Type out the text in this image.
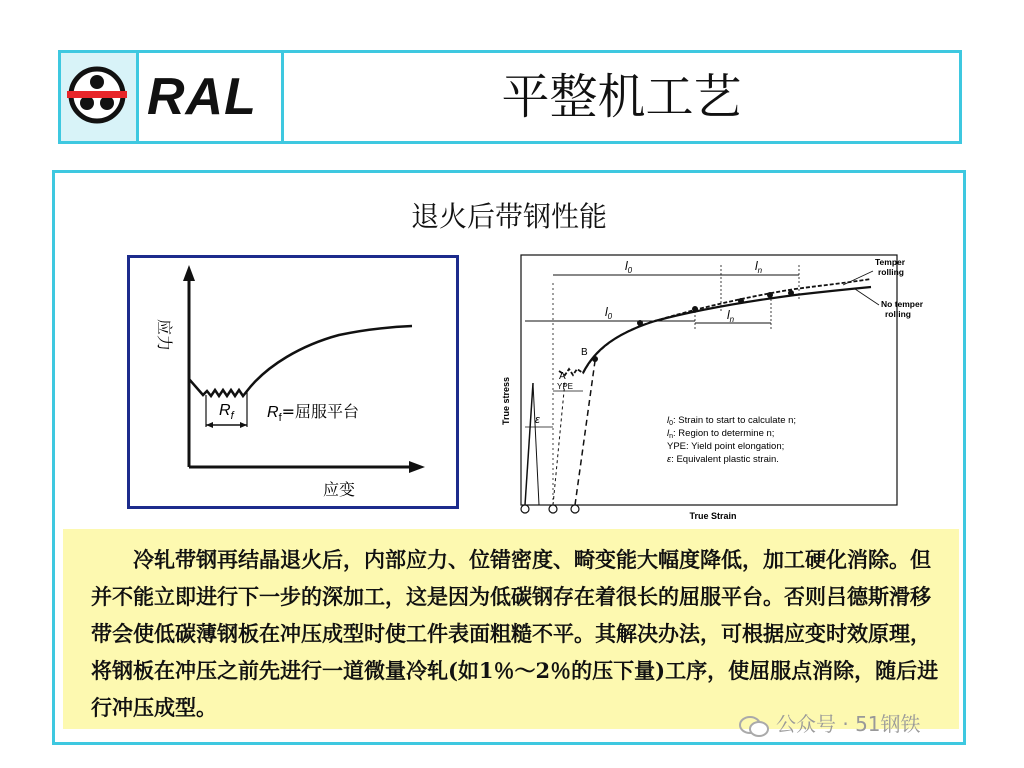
RAL	平整机工艺
退火后带钢性能
$R_f$ $R_f=$屈服平台
应力
应变
$l_0$	$l_n$
$l_0$	$l_n$
B
A
YPE
ε
Temper
rolling
No temper
rolling
$l_0$: Strain to start to calculate n;
$l_n$: Region to determine n;
YPE: Yield point elongation;
ε: Equivalent plastic strain.
True stress
True Strain
冷轧带钢再结晶退火后，内部应力、位错密度、畸变能大幅度降低，加工硬化消除。但并不能立即进行下一步的深加工，这是因为低碳钢存在着很长的屈服平台。否则吕德斯滑移带会使低碳薄钢板在冲压成型时使工件表面粗糙不平。其解决办法，可根据应变时效原理，将钢板在冲压之前先进行一道微量冷轧(如1％～2％的压下量)工序，使屈服点消除，随后进行冲压成型。
公众号 · 51钢铁
